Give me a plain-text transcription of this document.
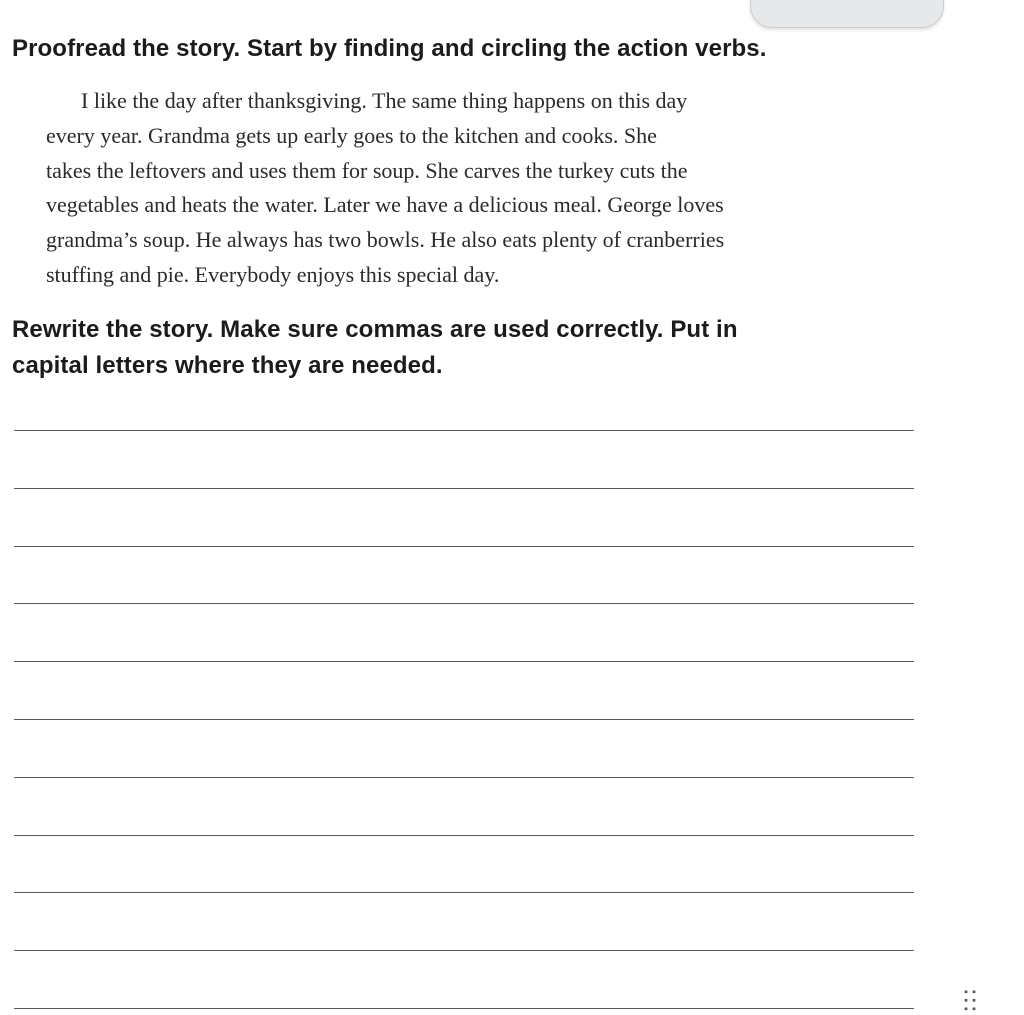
Proofread the story. Start by finding and circling the action verbs.

I like the day after thanksgiving. The same thing happens on this day
every year. Grandma gets up early goes to the kitchen and cooks. She
takes the leftovers and uses them for soup. She carves the turkey cuts the
vegetables and heats the water. Later we have a delicious meal. George loves
grandma’s soup. He always has two bowls. He also eats plenty of cranberries
stuffing and pie. Everybody enjoys this special day.

Rewrite the story. Make sure commas are used correctly. Put in
capital letters where they are needed.

▪▪▪ ▪▪▪
